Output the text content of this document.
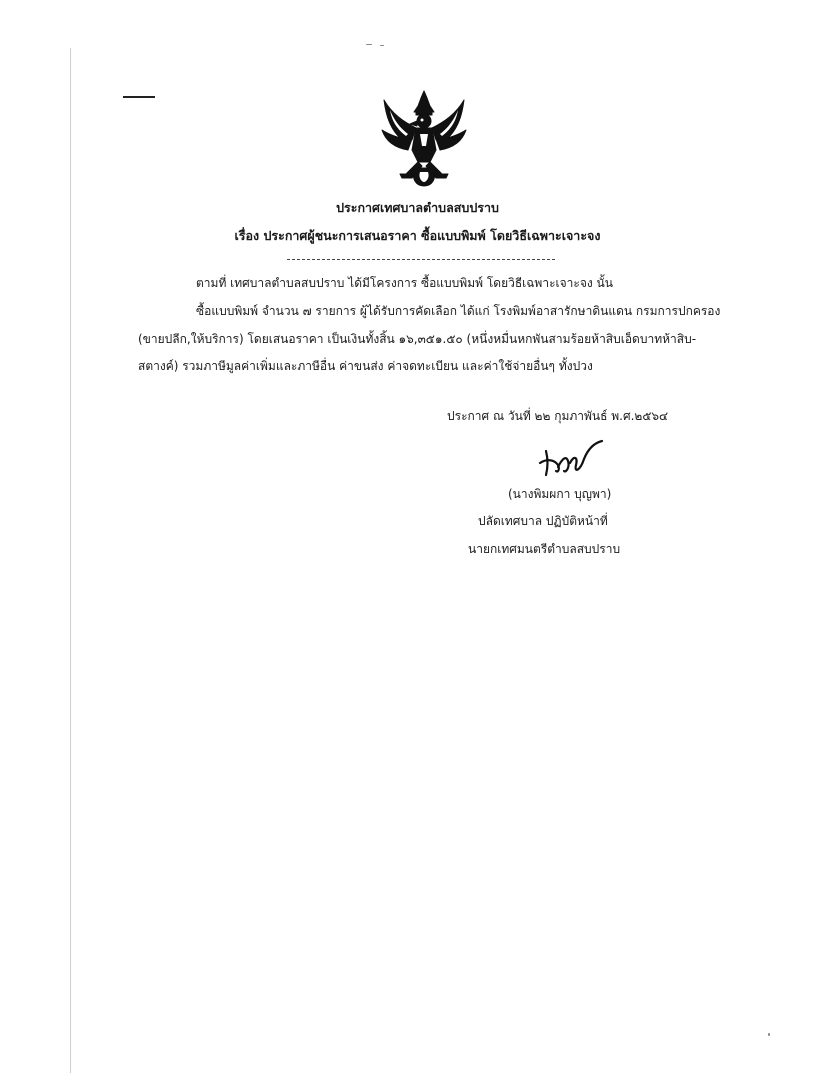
ประกาศเทศบาลตำบลสบปราบ
เรื่อง ประกาศผู้ชนะการเสนอราคา ซื้อแบบพิมพ์ โดยวิธีเฉพาะเจาะจง
ตามที่ เทศบาลตำบลสบปราบ ได้มีโครงการ ซื้อแบบพิมพ์ โดยวิธีเฉพาะเจาะจง นั้น
ซื้อแบบพิมพ์ จำนวน ๗ รายการ ผู้ได้รับการคัดเลือก ได้แก่ โรงพิมพ์อาสารักษาดินแดน กรมการปกครอง
(ขายปลีก,ให้บริการ) โดยเสนอราคา เป็นเงินทั้งสิ้น ๑๖,๓๕๑.๕๐ (หนึ่งหมื่นหกพันสามร้อยห้าสิบเอ็ดบาทห้าสิบ-
สตางค์) รวมภาษีมูลค่าเพิ่มและภาษีอื่น ค่าขนส่ง ค่าจดทะเบียน และค่าใช้จ่ายอื่นๆ ทั้งปวง
ประกาศ ณ วันที่ ๒๒ กุมภาพันธ์ พ.ศ.๒๕๖๔
(นางพิมผกา บุญพา)
ปลัดเทศบาล ปฏิบัติหน้าที่
นายกเทศมนตรีตำบลสบปราบ
